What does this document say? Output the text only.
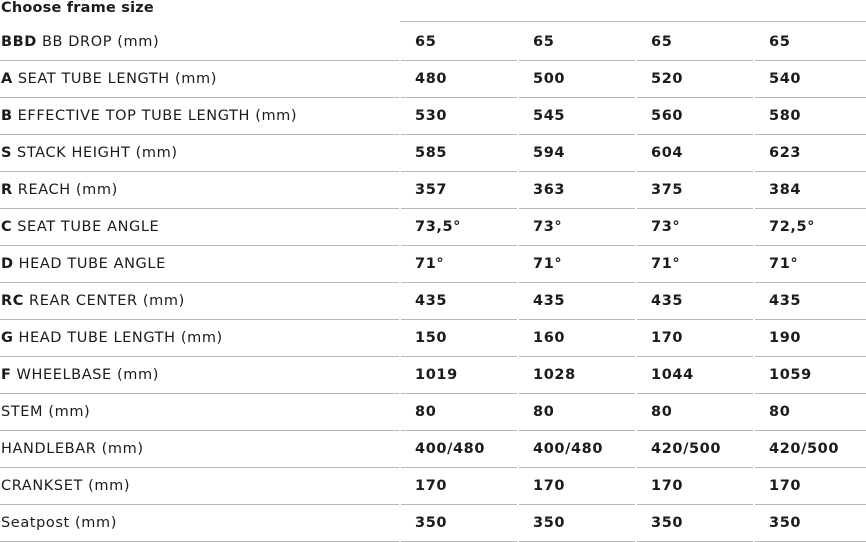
Choose frame size
BBD BB DROP (mm)	65	65	65	65
A SEAT TUBE LENGTH (mm)	480	500	520	540
B EFFECTIVE TOP TUBE LENGTH (mm)	530	545	560	580
S STACK HEIGHT (mm)	585	594	604	623
R REACH (mm)	357	363	375	384
C SEAT TUBE ANGLE	73,5°	73°	73°	72,5°
D HEAD TUBE ANGLE	71°	71°	71°	71°
RC REAR CENTER (mm)	435	435	435	435
G HEAD TUBE LENGTH (mm)	150	160	170	190
F WHEELBASE (mm)	1019	1028	1044	1059
STEM (mm)	80	80	80	80
HANDLEBAR (mm)	400/480	400/480	420/500	420/500
CRANKSET (mm)	170	170	170	170
Seatpost (mm)	350	350	350	350
